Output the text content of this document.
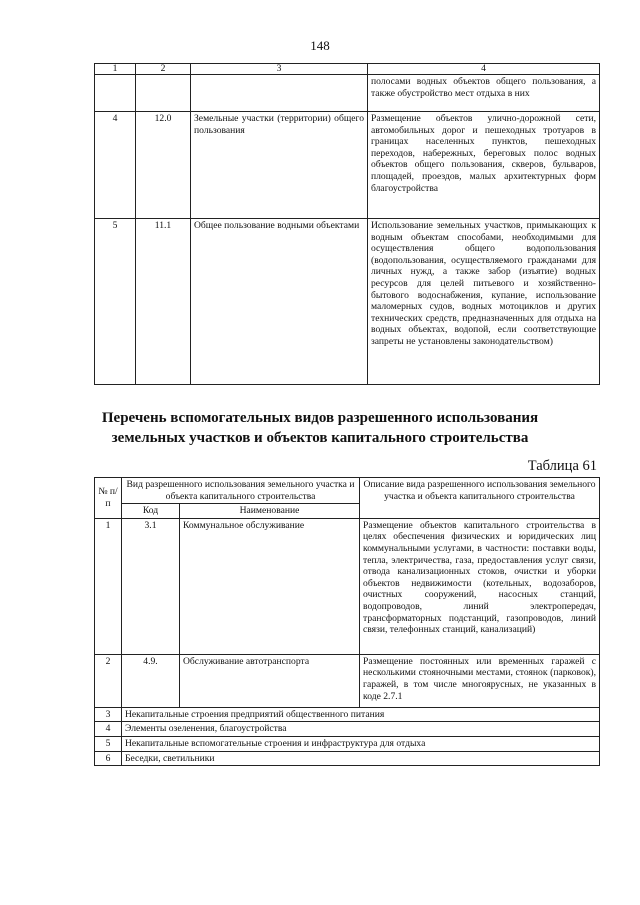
148
1	2	3	4
			полосами водных объектов общего пользования, а также обустройство мест отдыха в них
4	12.0	Земельные участки (территории) общего пользования	Размещение объектов улично-дорожной сети, автомобильных дорог и пешеходных тротуаров в границах населенных пунктов, пешеходных переходов, набережных, береговых полос водных объектов общего пользования, скверов, бульваров, площадей, проездов, малых архитектурных форм благоустройства
5	11.1	Общее пользование водными объектами	Использование земельных участков, примыкающих к водным объектам способами, необходимыми для осуществления общего водопользования (водопользования, осуществляемого гражданами для личных нужд, а также забор (изъятие) водных ресурсов для целей питьевого и хозяйственно-бытового водоснабжения, купание, использование маломерных судов, водных мотоциклов и других технических средств, предназначенных для отдыха на водных объектах, водопой, если соответствующие запреты не установлены законодательством)
Перечень вспомогательных видов разрешенного использования
земельных участков и объектов капитального строительства
Таблица 61
№ п/п	Вид разрешенного использования земельного участка и объекта капитального строительства		Описание вида разрешенного использования земельного участка и объекта капитального строительства
	Код	Наименование	
1	3.1	Коммунальное обслуживание	Размещение объектов капитального строительства в целях обеспечения физических и юридических лиц коммунальными услугами, в частности: поставки воды, тепла, электричества, газа, предоставления услуг связи, отвода канализационных стоков, очистки и уборки объектов недвижимости (котельных, водозаборов, очистных сооружений, насосных станций, водопроводов, линий электропередач, трансформаторных подстанций, газопроводов, линий связи, телефонных станций, канализаций)
2	4.9.	Обслуживание автотранспорта	Размещение постоянных или временных гаражей с несколькими стояночными местами, стоянок (парковок), гаражей, в том числе многоярусных, не указанных в коде 2.7.1
3	Некапитальные строения предприятий общественного питания		
4	Элементы озеленения, благоустройства		
5	Некапитальные вспомогательные строения и инфраструктура для отдыха		
6	Беседки, светильники		
